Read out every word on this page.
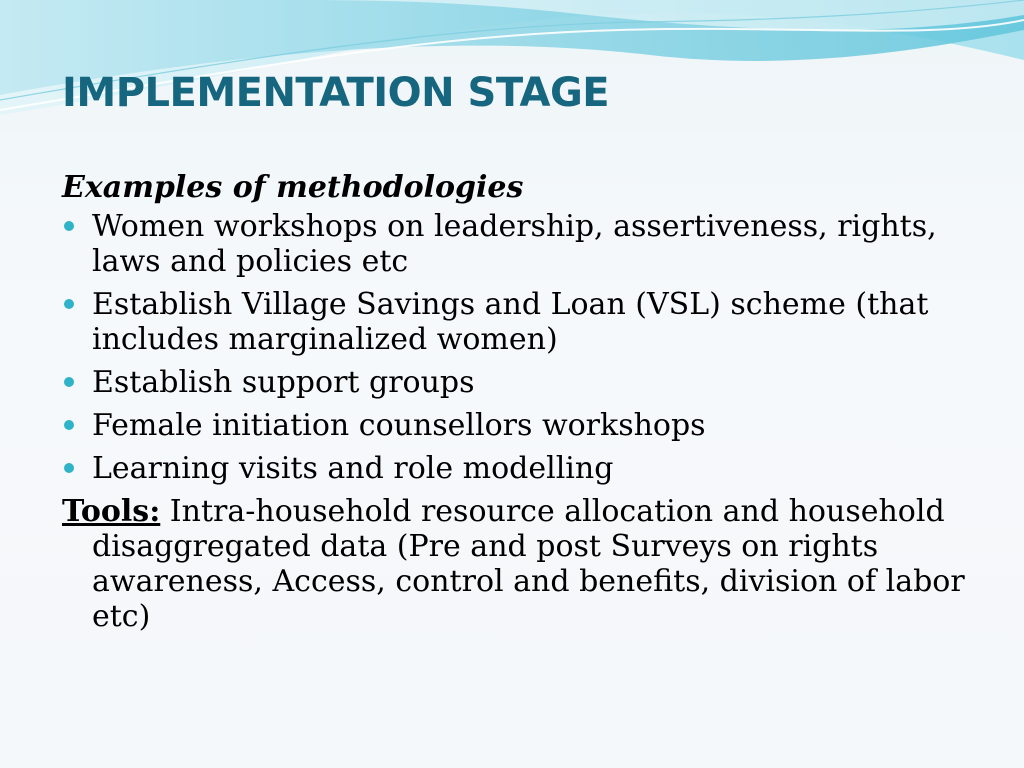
IMPLEMENTATION STAGE
Examples of methodologies
Women workshops on leadership, assertiveness, rights, laws and policies etc
Establish Village Savings and Loan (VSL) scheme (that includes marginalized women)
Establish support groups
Female initiation counsellors workshops
Learning visits and role modelling
Tools: Intra-household resource allocation and household disaggregated data (Pre and post Surveys on rights awareness, Access, control and benefits, division of labor etc)
